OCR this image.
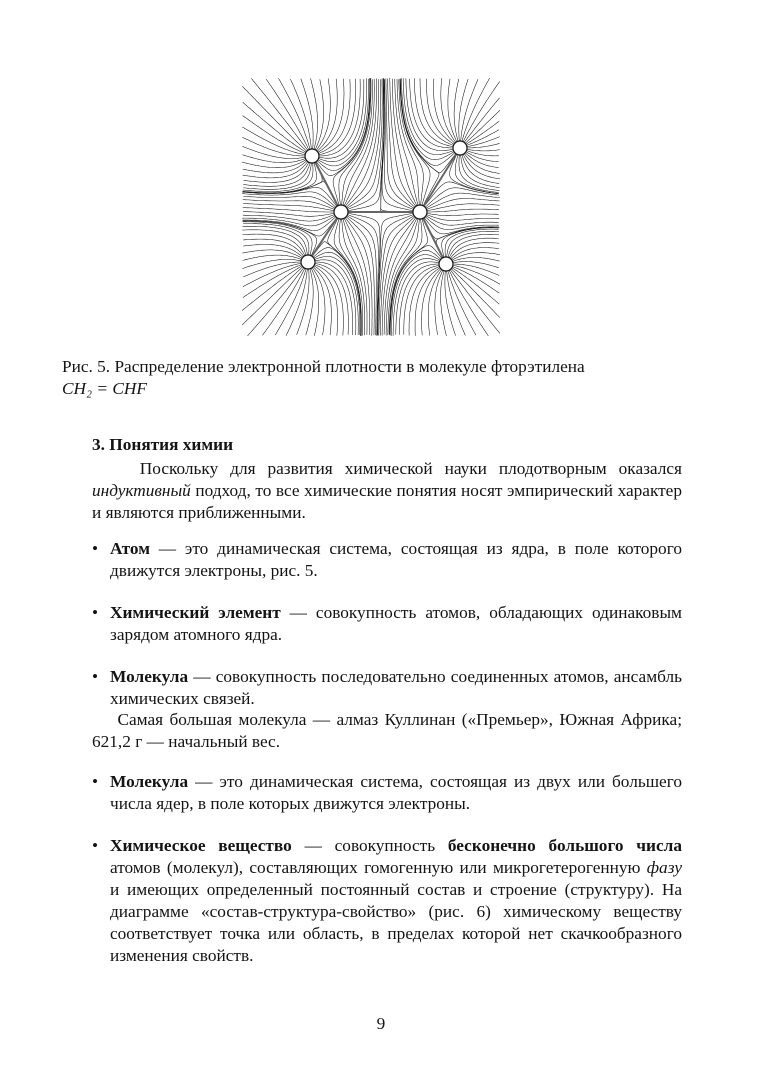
Рис. 5. Распределение электронной плотности в молекуле фторэтилена
CH₂ = CHF
3. Понятия химии
Поскольку для развития химической науки плодотворным оказался индуктивный подход, то все химические понятия носят эмпирический характер и являются приближенными.
• Атом — это динамическая система, состоящая из ядра, в поле которого движутся электроны, рис. 5.
• Химический элемент — совокупность атомов, обладающих одинаковым зарядом атомного ядра.
• Молекула — совокупность последовательно соединенных атомов, ансамбль химических связей.
Самая большая молекула — алмаз Куллинан («Премьер», Южная Африка; 621,2 г — начальный вес.
• Молекула — это динамическая система, состоящая из двух или большего числа ядер, в поле которых движутся электроны.
• Химическое вещество — совокупность бесконечно большого числа атомов (молекул), составляющих гомогенную или микрогетерогенную фазу и имеющих определенный постоянный состав и строение (структуру). На диаграмме «состав-структура-свойство» (рис. 6) химическому веществу соответствует точка или область, в пределах которой нет скачкообразного изменения свойств.
9
